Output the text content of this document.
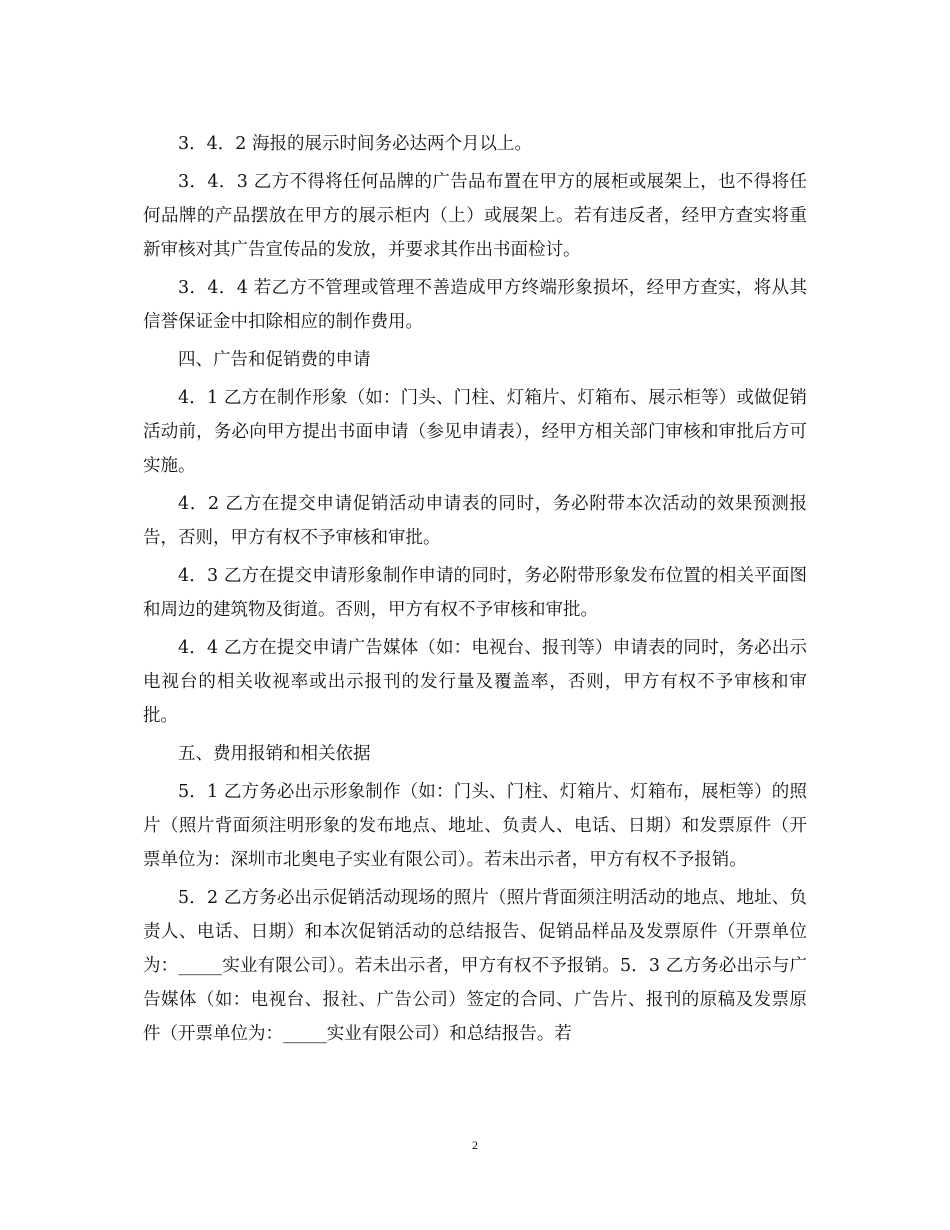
3．4．2 海报的展示时间务必达两个月以上。

3．4．3 乙方不得将任何品牌的广告品布置在甲方的展柜或展架上，也不得将任何品牌的产品摆放在甲方的展示柜内（上）或展架上。若有违反者，经甲方查实将重新审核对其广告宣传品的发放，并要求其作出书面检讨。

3．4．4 若乙方不管理或管理不善造成甲方终端形象损坏，经甲方查实，将从其信誉保证金中扣除相应的制作费用。

四、广告和促销费的申请

4．1 乙方在制作形象（如：门头、门柱、灯箱片、灯箱布、展示柜等）或做促销活动前，务必向甲方提出书面申请（参见申请表），经甲方相关部门审核和审批后方可实施。

4．2 乙方在提交申请促销活动申请表的同时，务必附带本次活动的效果预测报告，否则，甲方有权不予审核和审批。

4．3 乙方在提交申请形象制作申请的同时，务必附带形象发布位置的相关平面图和周边的建筑物及街道。否则，甲方有权不予审核和审批。

4．4 乙方在提交申请广告媒体（如：电视台、报刊等）申请表的同时，务必出示电视台的相关收视率或出示报刊的发行量及覆盖率，否则，甲方有权不予审核和审批。

五、费用报销和相关依据

5．1 乙方务必出示形象制作（如：门头、门柱、灯箱片、灯箱布，展柜等）的照片（照片背面须注明形象的发布地点、地址、负责人、电话、日期）和发票原件（开票单位为：深圳市北奥电子实业有限公司）。若未出示者，甲方有权不予报销。

5．2 乙方务必出示促销活动现场的照片（照片背面须注明活动的地点、地址、负责人、电话、日期）和本次促销活动的总结报告、促销品样品及发票原件（开票单位为：_____实业有限公司）。若未出示者，甲方有权不予报销。5．3 乙方务必出示与广告媒体（如：电视台、报社、广告公司）签定的合同、广告片、报刊的原稿及发票原件（开票单位为：_____实业有限公司）和总结报告。若

2
